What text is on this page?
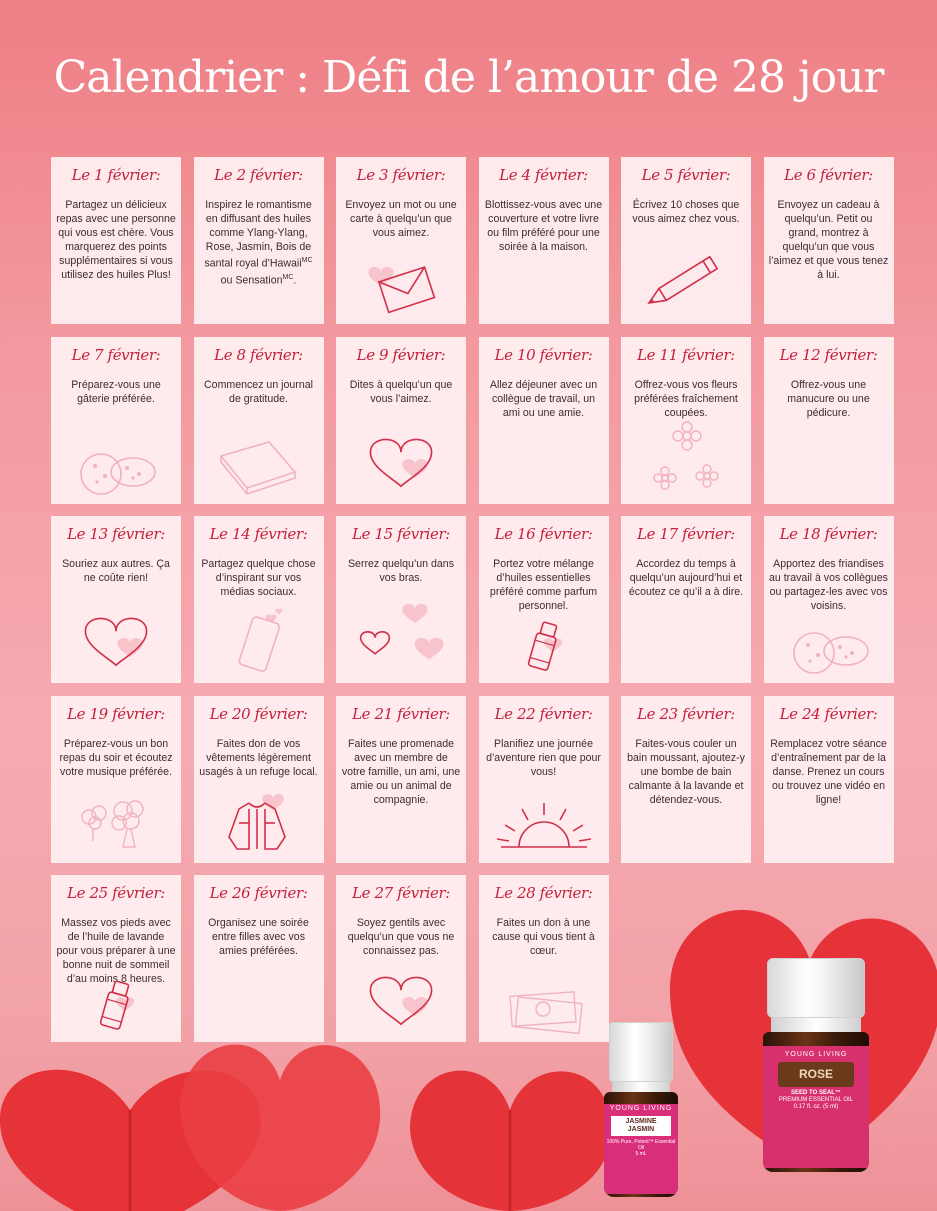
Calendrier : Défi de l’amour de 28 jour
Le 1 février:

Partagez un délicieux repas avec une personne qui vous est chère. Vous marquerez des points supplémentaires si vous utilisez des huiles Plus!

Le 2 février:

Inspirez le romantisme en diffusant des huiles comme Ylang-Ylang, Rose, Jasmin, Bois de santal royal d’Hawaii$^{MC}$ ou Sensation$^{MC}$.

Le 3 février:

Envoyez un mot ou une carte à quelqu’un que vous aimez.

Le 4 février:

Blottissez-vous avec une couverture et votre livre ou film préféré pour une soirée à la maison.

Le 5 février:

Écrivez 10 choses que vous aimez chez vous.

Le 6 février:

Envoyez un cadeau à quelqu’un. Petit ou grand, montrez à quelqu’un que vous l’aimez et que vous tenez à lui.

Le 7 février:

Préparez-vous une gâterie préférée.

Le 8 février:

Commencez un journal de gratitude.

Le 9 février:

Dites à quelqu’un que vous l’aimez.

Le 10 février:

Allez déjeuner avec un collègue de travail, un ami ou une amie.

Le 11 février:

Offrez-vous vos fleurs préférées fraîchement coupées.

Le 12 février:

Offrez-vous une manucure ou une pédicure.

Le 13 février:

Souriez aux autres. Ça ne coûte rien!

Le 14 février:

Partagez quelque chose d’inspirant sur vos médias sociaux.

Le 15 février:

Serrez quelqu’un dans vos bras.

Le 16 février:

Portez votre mélange d’huiles essentielles préféré comme parfum personnel.

Le 17 février:

Accordez du temps à quelqu’un aujourd’hui et écoutez ce qu’il a à dire.

Le 18 février:

Apportez des friandises au travail à vos collègues ou partagez-les avec vos voisins.

Le 19 février:

Préparez-vous un bon repas du soir et écoutez votre musique préférée.

Le 20 février:

Faites don de vos vêtements légèrement usagés à un refuge local.

Le 21 février:

Faites une promenade avec un membre de votre famille, un ami, une amie ou un animal de compagnie.

Le 22 février:

Planifiez une journée d’aventure rien que pour vous!

Le 23 février:

Faites-vous couler un bain moussant, ajoutez-y une bombe de bain calmante à la lavande et détendez-vous.

Le 24 février:

Remplacez votre séance d’entraînement par de la danse. Prenez un cours ou trouvez une vidéo en ligne!

Le 25 février:

Massez vos pieds avec de l’huile de lavande pour vous préparer à une bonne nuit de sommeil d’au moins 8 heures.

Le 26 février:

Organisez une soirée entre filles avec vos amies préférées.

Le 27 février:

Soyez gentils avec quelqu’un que vous ne connaissez pas.

Le 28 février:

Faites un don à une cause qui vous tient à cœur.

YOUNG LIVING
JASMINE
JASMIN
100% Pure, Potent™ Essential Oil
5 mL
YOUNG LIVING
ROSE
SEED TO SEAL™
PREMIUM ESSENTIAL OIL
0.17 fl. oz. (5 ml)
